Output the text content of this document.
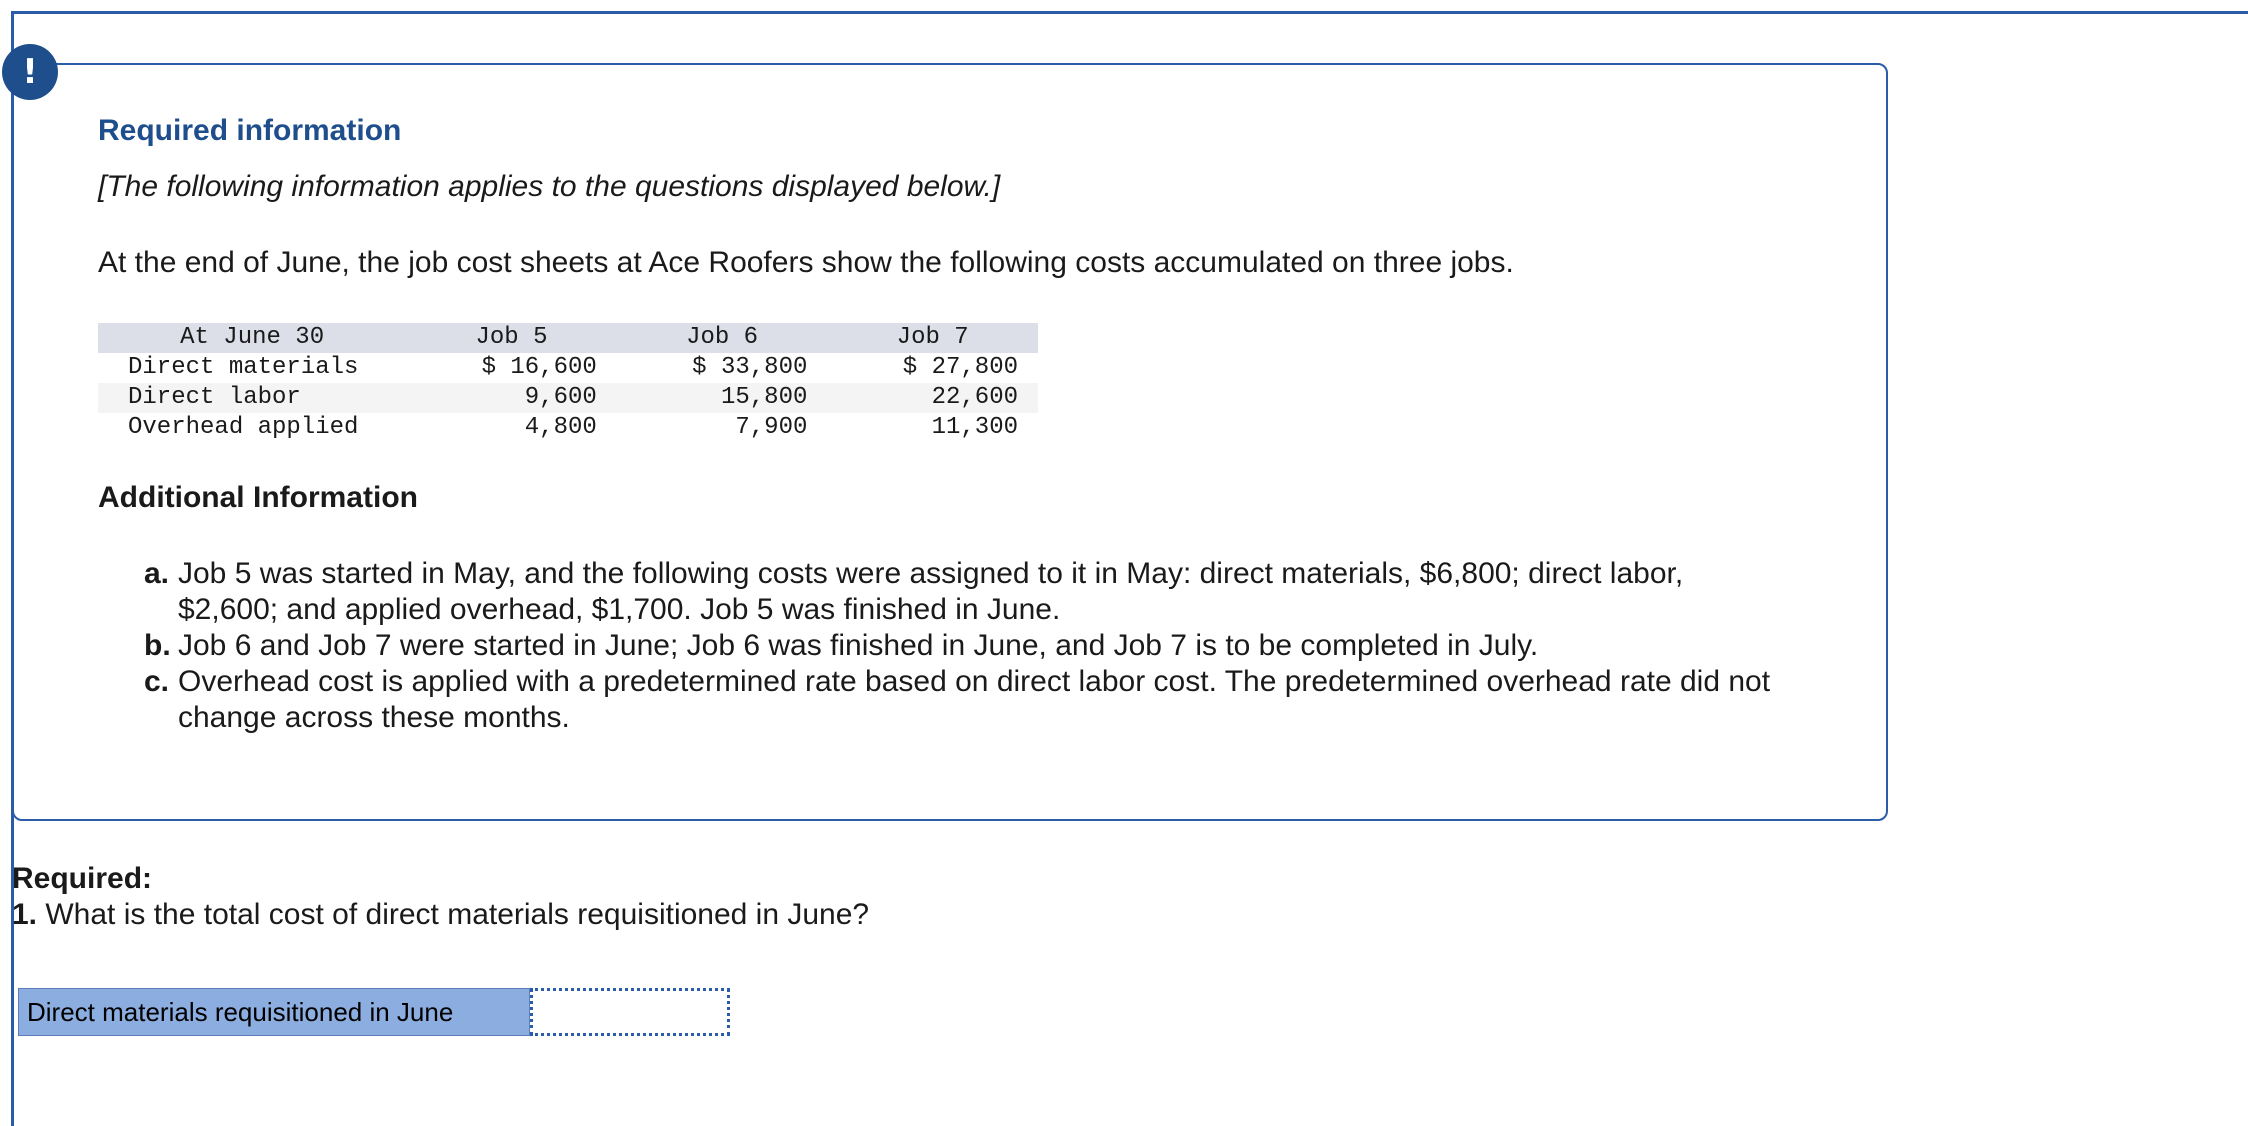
!
Required information
[The following information applies to the questions displayed below.]
At the end of June, the job cost sheets at Ace Roofers show the following costs accumulated on three jobs.
At June 30	Job 5	Job 6	Job 7
Direct materials	$ 16,600	$ 33,800	$ 27,800
Direct labor	9,600	15,800	22,600
Overhead applied	4,800	7,900	11,300
Additional Information
a. Job 5 was started in May, and the following costs were assigned to it in May: direct materials, $6,800; direct labor, $2,600; and applied overhead, $1,700. Job 5 was finished in June.
b. Job 6 and Job 7 were started in June; Job 6 was finished in June, and Job 7 is to be completed in July.
c. Overhead cost is applied with a predetermined rate based on direct labor cost. The predetermined overhead rate did not change across these months.
Required:
1. What is the total cost of direct materials requisitioned in June?
Direct materials requisitioned in June
